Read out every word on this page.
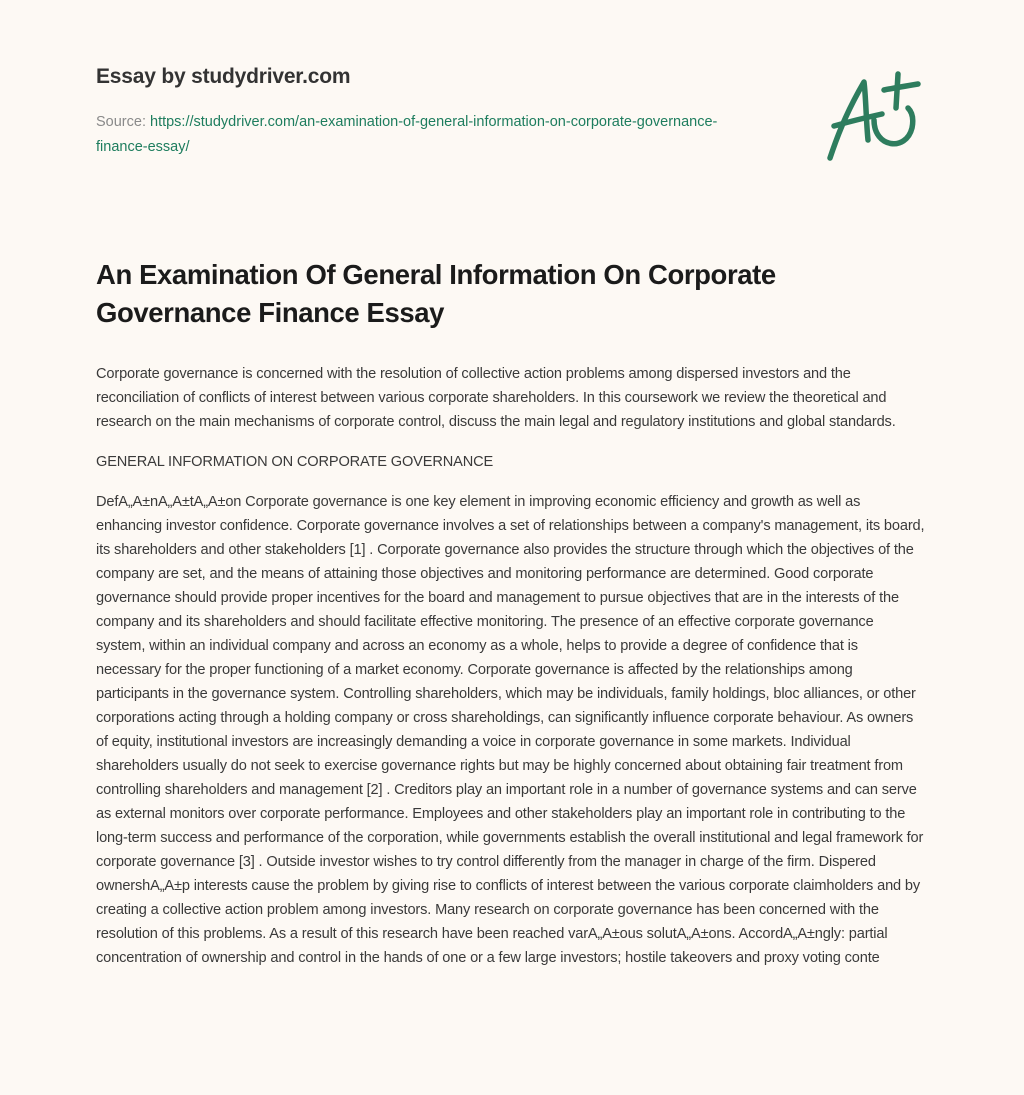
Essay by studydriver.com
Source: https://studydriver.com/an-examination-of-general-information-on-corporate-governance-finance-essay/
An Examination Of General Information On Corporate Governance Finance Essay

Corporate governance is concerned with the resolution of collective action problems among dispersed investors and the reconciliation of conflicts of interest between various corporate shareholders. In this coursework we review the theoretical and research on the main mechanisms of corporate control, discuss the main legal and regulatory institutions and global standards.

GENERAL INFORMATION ON CORPORATE GOVERNANCE

DefA„A±nA„A±tA„A±on Corporate governance is one key element in improving economic efficiency and growth as well as enhancing investor confidence. Corporate governance involves a set of relationships between a company's management, its board, its shareholders and other stakeholders [1] . Corporate governance also provides the structure through which the objectives of the company are set, and the means of attaining those objectives and monitoring performance are determined. Good corporate governance should provide proper incentives for the board and management to pursue objectives that are in the interests of the company and its shareholders and should facilitate effective monitoring. The presence of an effective corporate governance system, within an individual company and across an economy as a whole, helps to provide a degree of confidence that is necessary for the proper functioning of a market economy. Corporate governance is affected by the relationships among participants in the governance system. Controlling shareholders, which may be individuals, family holdings, bloc alliances, or other corporations acting through a holding company or cross shareholdings, can significantly influence corporate behaviour. As owners of equity, institutional investors are increasingly demanding a voice in corporate governance in some markets. Individual shareholders usually do not seek to exercise governance rights but may be highly concerned about obtaining fair treatment from controlling shareholders and management [2] . Creditors play an important role in a number of governance systems and can serve as external monitors over corporate performance. Employees and other stakeholders play an important role in contributing to the long-term success and performance of the corporation, while governments establish the overall institutional and legal framework for corporate governance [3] . Outside investor wishes to try control differently from the manager in charge of the firm. Dispered ownershA„A±p interests cause the problem by giving rise to conflicts of interest between the various corporate claimholders and by creating a collective action problem among investors. Many research on corporate governance has been concerned with the resolution of this problems. As a result of this research have been reached varA„A±ous solutA„A±ons. AccordA„A±ngly: partial concentration of ownership and control in the hands of one or a few large investors; hostile takeovers and proxy voting conte
